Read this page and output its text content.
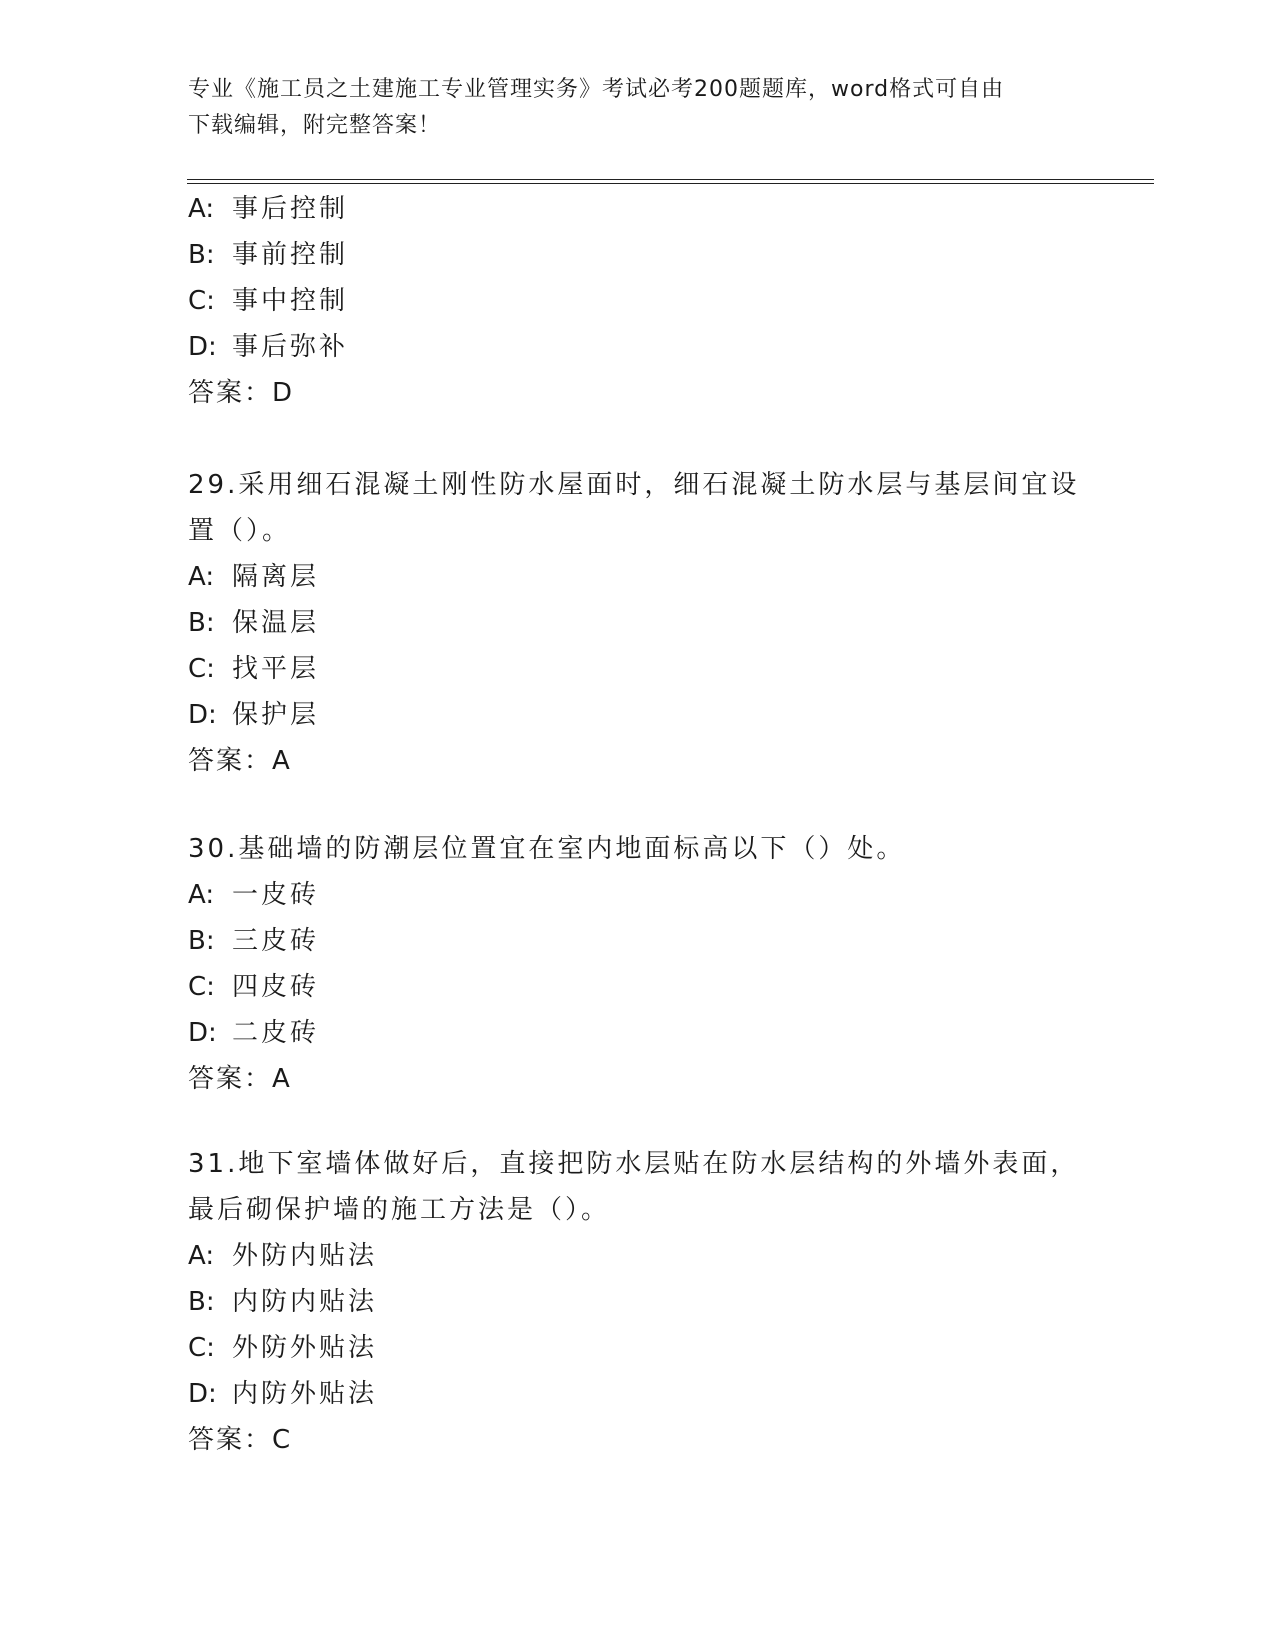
专业《施工员之土建施工专业管理实务》考试必考200题题库，word格式可自由
下载编辑，附完整答案！
A: 事后控制
B: 事前控制
C: 事中控制
D: 事后弥补
答案：D
29.采用细石混凝土刚性防水屋面时，细石混凝土防水层与基层间宜设
置（）。
A: 隔离层
B: 保温层
C: 找平层
D: 保护层
答案：A
30.基础墙的防潮层位置宜在室内地面标高以下（）处。
A: 一皮砖
B: 三皮砖
C: 四皮砖
D: 二皮砖
答案：A
31.地下室墙体做好后，直接把防水层贴在防水层结构的外墙外表面，
最后砌保护墙的施工方法是（）。
A: 外防内贴法
B: 内防内贴法
C: 外防外贴法
D: 内防外贴法
答案：C
